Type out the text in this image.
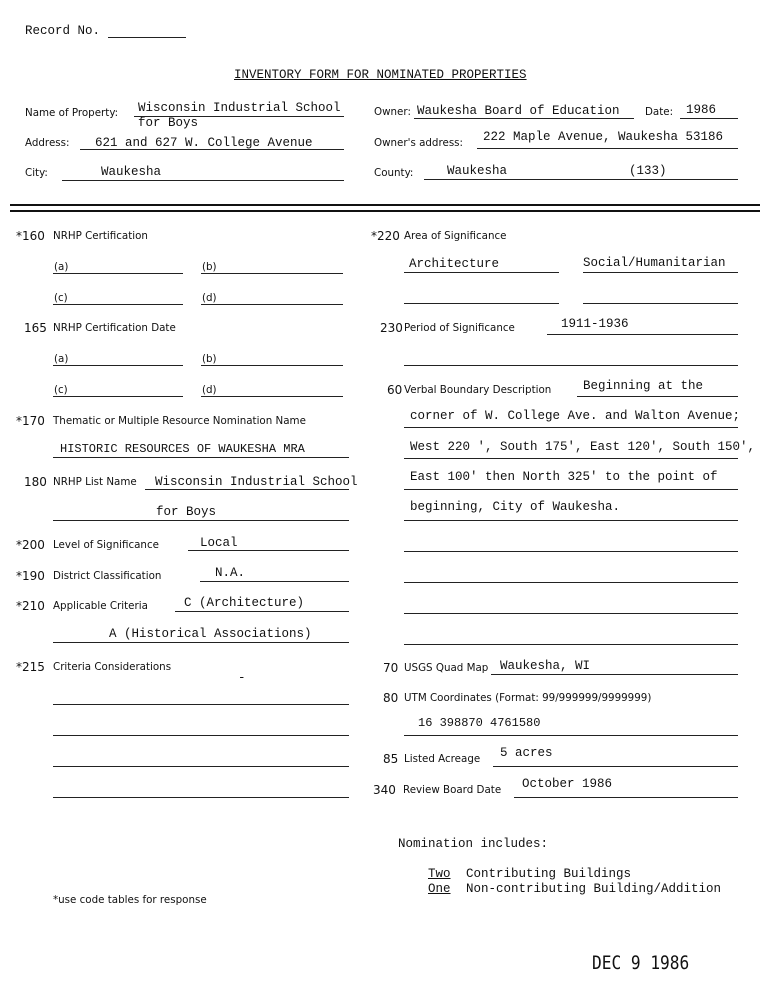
Record No.
INVENTORY FORM FOR NOMINATED PROPERTIES
Name of Property: Wisconsin Industrial School
for Boys
Address: 621 and 627 W. College Avenue
City:	Waukesha
Owner: Waukesha Board of Education Date: 1986
Owner's address: 222 Maple Avenue, Waukesha 53186
County:	Waukesha	(133)
*160 NRHP Certification
(a)	(b)
(c)	(d)
165 NRHP Certification Date
(a)	(b)
(c)	(d)
*170 Thematic or Multiple Resource Nomination Name
HISTORIC RESOURCES OF WAUKESHA MRA
180 NRHP List Name Wisconsin Industrial School
for Boys
*200 Level of Significance	Local
*190 District Classification	N.A.
*210 Applicable Criteria	C (Architecture)
A (Historical Associations)
*215 Criteria Considerations
-
*use code tables for response
*220 Area of Significance
Architecture	Social/Humanitarian
230 Period of Significance	1911-1936
60 Verbal Boundary Description	Beginning at the
corner of W. College Ave. and Walton Avenue;
West 220 ', South 175', East 120', South 150',
East 100' then North 325' to the point of
beginning, City of Waukesha.
70 USGS Quad Map Waukesha, WI
80 UTM Coordinates (Format: 99/999999/9999999)
16 398870 4761580
85 Listed Acreage 5 acres
340 Review Board Date October 1986
Nomination includes:
Two Contributing Buildings
One Non-contributing Building/Addition
DEC 9 1986
